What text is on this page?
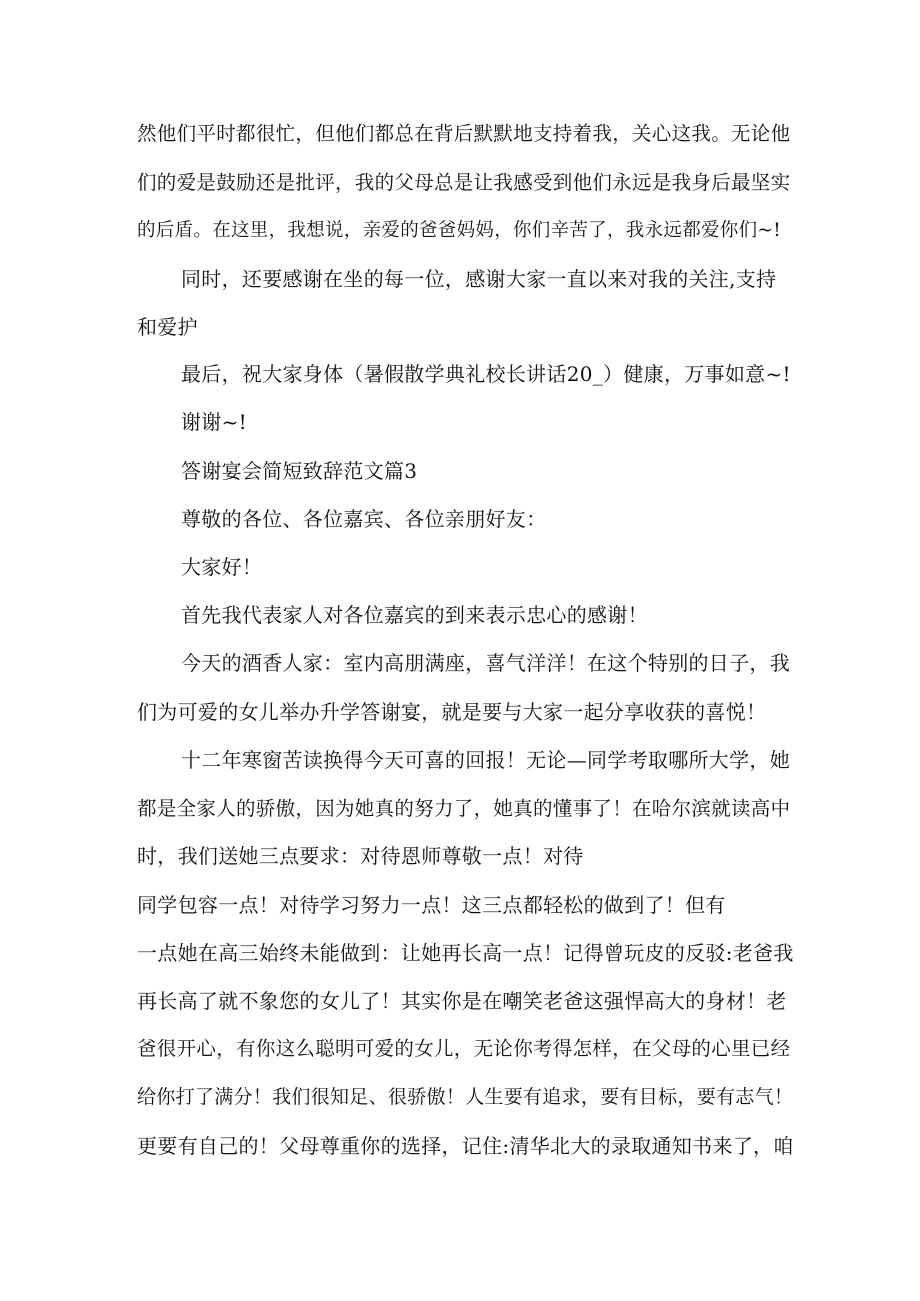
然他们平时都很忙，但他们都总在背后默默地支持着我，关心这我。无论他
们的爱是鼓励还是批评，我的父母总是让我感受到他们永远是我身后最坚实
的后盾。在这里，我想说，亲爱的爸爸妈妈，你们辛苦了，我永远都爱你们~!
同时，还要感谢在坐的每一位，感谢大家一直以来对我的关注,支持
和爱护
最后，祝大家身体（暑假散学典礼校长讲话20_）健康，万事如意~!
谢谢~!
答谢宴会简短致辞范文篇3
尊敬的各位、各位嘉宾、各位亲朋好友：
大家好！
首先我代表家人对各位嘉宾的到来表示忠心的感谢！
今天的酒香人家：室内高朋满座，喜气洋洋！在这个特别的日子，我
们为可爱的女儿举办升学答谢宴，就是要与大家一起分享收获的喜悦！
十二年寒窗苦读换得今天可喜的回报！无论—同学考取哪所大学，她
都是全家人的骄傲，因为她真的努力了，她真的懂事了！在哈尔滨就读高中
时，我们送她三点要求：对待恩师尊敬一点！对待
同学包容一点！对待学习努力一点！这三点都轻松的做到了！但有
一点她在高三始终未能做到：让她再长高一点！记得曾玩皮的反驳:老爸我
再长高了就不象您的女儿了！其实你是在嘲笑老爸这强悍高大的身材！老
爸很开心，有你这么聪明可爱的女儿，无论你考得怎样，在父母的心里已经
给你打了满分！我们很知足、很骄傲！人生要有追求，要有目标，要有志气！
更要有自己的！父母尊重你的选择，记住:清华北大的录取通知书来了，咱
